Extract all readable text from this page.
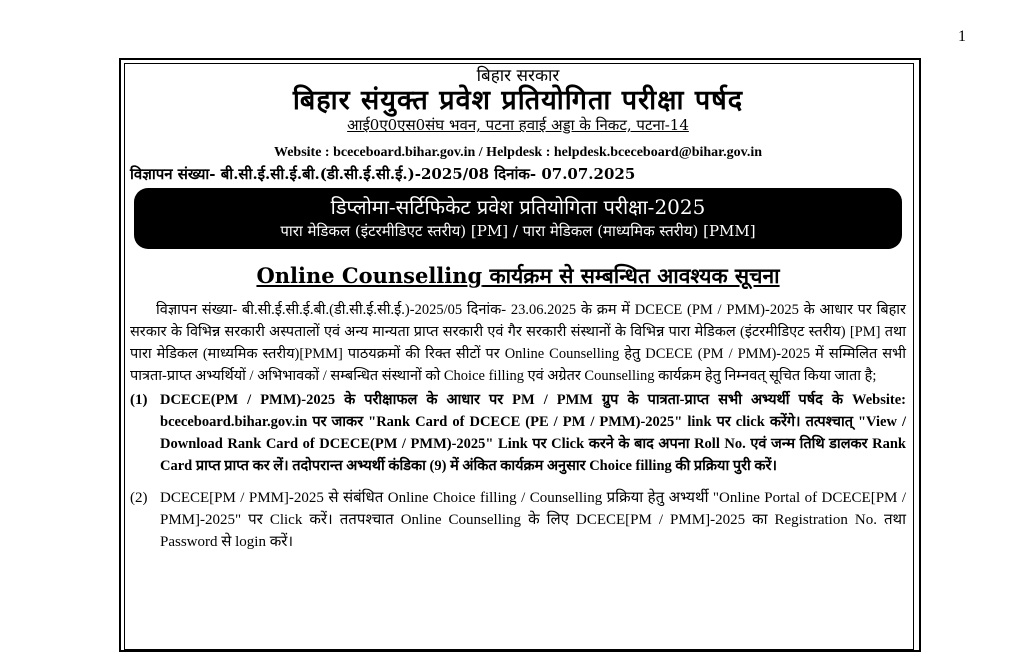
1
बिहार सरकार
बिहार संयुक्त प्रवेश प्रतियोगिता परीक्षा पर्षद
आई0ए0एस0संघ भवन, पटना हवाई अड्डा के निकट, पटना-14
Website : bceceboard.bihar.gov.in / Helpdesk : helpdesk.bceceboard@bihar.gov.in
विज्ञापन संख्या- बी.सी.ई.सी.ई.बी.(डी.सी.ई.सी.ई.)-2025/08 दिनांक- 07.07.2025
डिप्लोमा-सर्टिफिकेट प्रवेश प्रतियोगिता परीक्षा-2025
पारा मेडिकल (इंटरमीडिएट स्तरीय) [PM] / पारा मेडिकल (माध्यमिक स्तरीय) [PMM]
Online Counselling कार्यक्रम से सम्बन्धित आवश्यक सूचना
विज्ञापन संख्या- बी.सी.ई.सी.ई.बी.(डी.सी.ई.सी.ई.)-2025/05 दिनांक- 23.06.2025 के क्रम में DCECE (PM / PMM)-2025 के आधार पर बिहार सरकार के विभिन्न सरकारी अस्पतालों एवं अन्य मान्यता प्राप्त सरकारी एवं गैर सरकारी संस्थानों के विभिन्न पारा मेडिकल (इंटरमीडिएट स्तरीय) [PM] तथा पारा मेडिकल (माध्यमिक स्तरीय)[PMM] पाठयक्रमों की रिक्त सीटों पर Online Counselling हेतु DCECE (PM / PMM)-2025 में सम्मिलित सभी पात्रता-प्राप्त अभ्यर्थियों / अभिभावकों / सम्बन्धित संस्थानों को Choice filling एवं अग्रेतर Counselling कार्यक्रम हेतु निम्नवत् सूचित किया जाता है;
(1) DCECE(PM / PMM)-2025 के परीक्षाफल के आधार पर PM / PMM ग्रुप के पात्रता-प्राप्त सभी अभ्यर्थी पर्षद के Website: bceceboard.bihar.gov.in पर जाकर "Rank Card of DCECE (PE / PM / PMM)-2025" link पर click करेंगे। तत्पश्चात् "View / Download Rank Card of DCECE(PM / PMM)-2025" Link पर Click करने के बाद अपना Roll No. एवं जन्म तिथि डालकर Rank Card प्राप्त प्राप्त कर लें। तदोपरान्त अभ्यर्थी कंडिका (9) में अंकित कार्यक्रम अनुसार Choice filling की प्रक्रिया पुरी करें।
(2) DCECE[PM / PMM]-2025 से संबंधित Online Choice filling / Counselling प्रक्रिया हेतु अभ्यर्थी "Online Portal of DCECE[PM / PMM]-2025" पर Click करें। ततपश्चात Online Counselling के लिए DCECE[PM / PMM]-2025 का Registration No. तथा Password से login करें।
